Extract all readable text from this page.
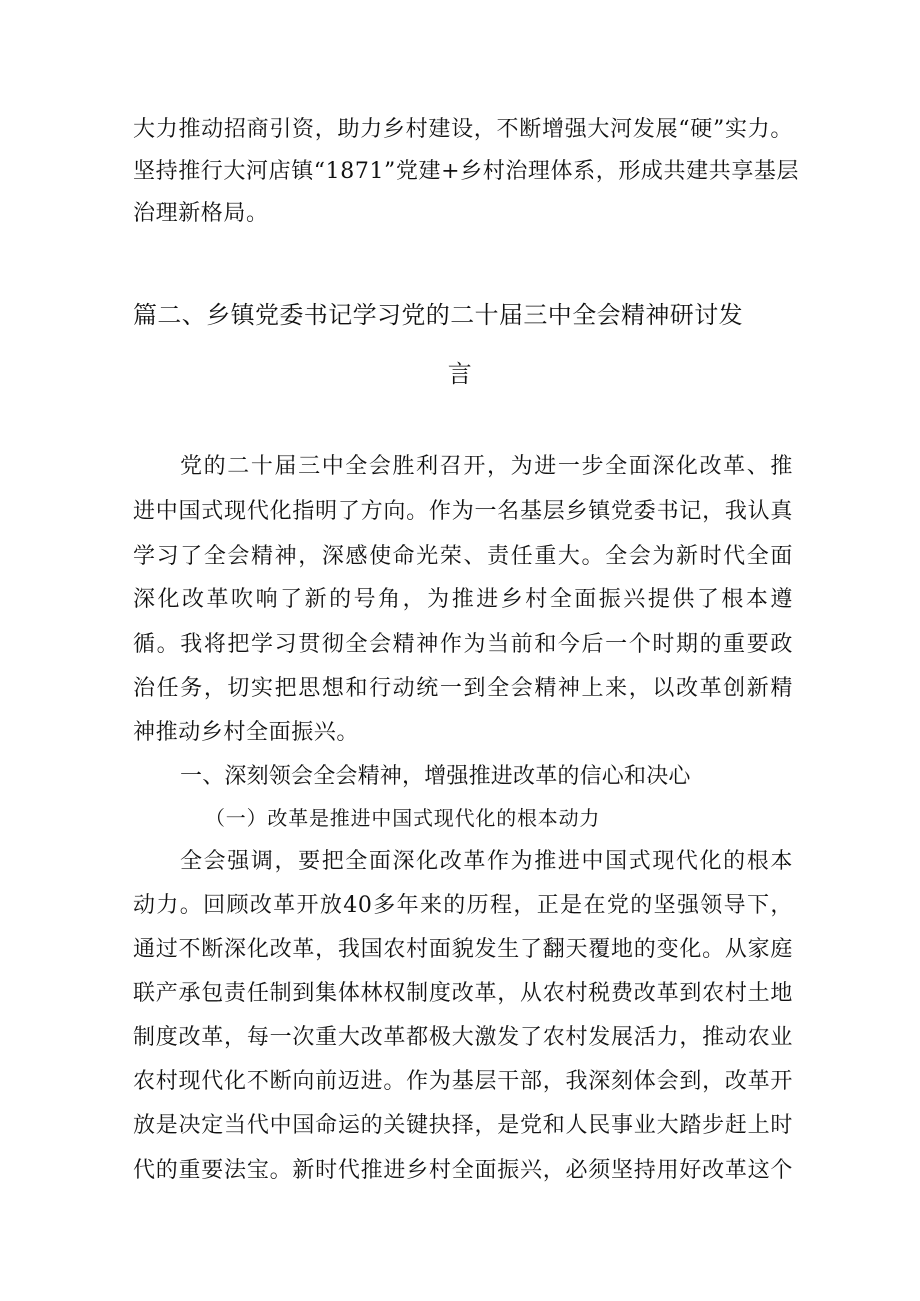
大力推动招商引资，助力乡村建设，不断增强大河发展“硬”实力。
坚持推行大河店镇“1871”党建+乡村治理体系，形成共建共享基层
治理新格局。
篇二、乡镇党委书记学习党的二十届三中全会精神研讨发
言
党的二十届三中全会胜利召开，为进一步全面深化改革、推
进中国式现代化指明了方向。作为一名基层乡镇党委书记，我认真
学习了全会精神，深感使命光荣、责任重大。全会为新时代全面
深化改革吹响了新的号角，为推进乡村全面振兴提供了根本遵
循。我将把学习贯彻全会精神作为当前和今后一个时期的重要政
治任务，切实把思想和行动统一到全会精神上来，以改革创新精
神推动乡村全面振兴。
一、深刻领会全会精神，增强推进改革的信心和决心
（一）改革是推进中国式现代化的根本动力
全会强调，要把全面深化改革作为推进中国式现代化的根本
动力。回顾改革开放40多年来的历程，正是在党的坚强领导下，
通过不断深化改革，我国农村面貌发生了翻天覆地的变化。从家庭
联产承包责任制到集体林权制度改革，从农村税费改革到农村土地
制度改革，每一次重大改革都极大激发了农村发展活力，推动农业
农村现代化不断向前迈进。作为基层干部，我深刻体会到，改革开
放是决定当代中国命运的关键抉择，是党和人民事业大踏步赶上时
代的重要法宝。新时代推进乡村全面振兴，必须坚持用好改革这个
